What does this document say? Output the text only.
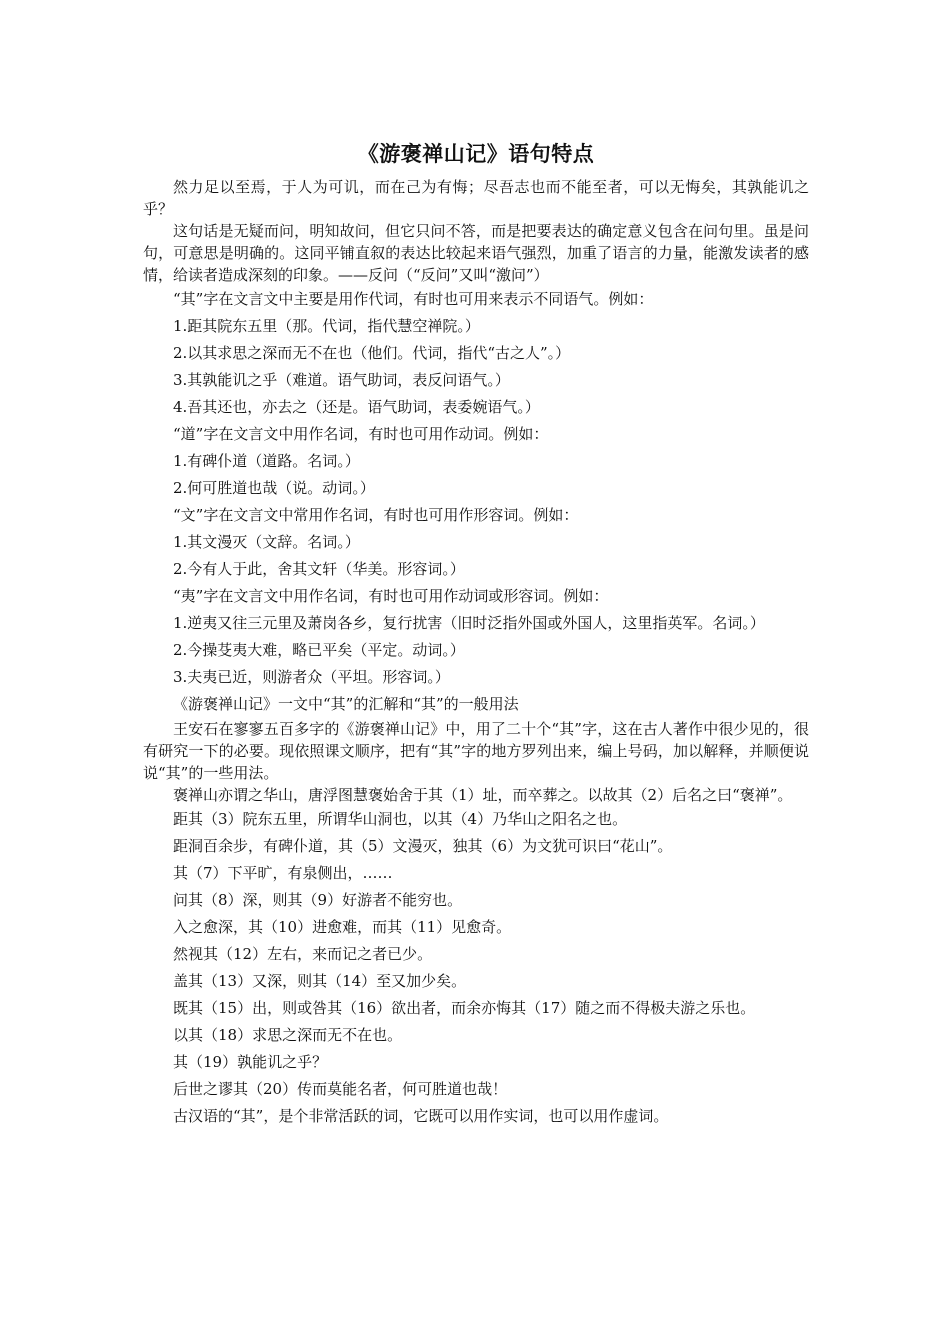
《游褒禅山记》语句特点

然力足以至焉，于人为可讥，而在己为有悔；尽吾志也而不能至者，可以无悔矣，其孰能讥之乎？

这句话是无疑而问，明知故问，但它只问不答，而是把要表达的确定意义包含在问句里。虽是问句，可意思是明确的。这同平铺直叙的表达比较起来语气强烈，加重了语言的力量，能激发读者的感情，给读者造成深刻的印象。——反问（“反问”又叫“激问”）

“其”字在文言文中主要是用作代词，有时也可用来表示不同语气。例如：

1.距其院东五里（那。代词，指代慧空禅院。）

2.以其求思之深而无不在也（他们。代词，指代“古之人”。）

3.其孰能讥之乎（难道。语气助词，表反问语气。）

4.吾其还也，亦去之（还是。语气助词，表委婉语气。）

“道”字在文言文中用作名词，有时也可用作动词。例如：

1.有碑仆道（道路。名词。）

2.何可胜道也哉（说。动词。）

“文”字在文言文中常用作名词，有时也可用作形容词。例如：

1.其文漫灭（文辞。名词。）

2.今有人于此，舍其文轩（华美。形容词。）

“夷”字在文言文中用作名词，有时也可用作动词或形容词。例如：

1.逆夷又往三元里及萧岗各乡，复行扰害（旧时泛指外国或外国人，这里指英军。名词。）

2.今操芟夷大难，略已平矣（平定。动词。）

3.夫夷已近，则游者众（平坦。形容词。）

《游褒禅山记》一文中“其”的汇解和“其”的一般用法

王安石在寥寥五百多字的《游褒禅山记》中，用了二十个“其”字，这在古人著作中很少见的，很有研究一下的必要。现依照课文顺序，把有“其”字的地方罗列出来，编上号码，加以解释，并顺便说说“其”的一些用法。

褒禅山亦谓之华山，唐浮图慧褒始舍于其（1）址，而卒葬之。以故其（2）后名之曰“褒禅”。

距其（3）院东五里，所谓华山洞也，以其（4）乃华山之阳名之也。

距洞百余步，有碑仆道，其（5）文漫灭，独其（6）为文犹可识曰“花山”。

其（7）下平旷，有泉侧出，……

问其（8）深，则其（9）好游者不能穷也。

入之愈深，其（10）进愈难，而其（11）见愈奇。

然视其（12）左右，来而记之者已少。

盖其（13）又深，则其（14）至又加少矣。

既其（15）出，则或咎其（16）欲出者，而余亦悔其（17）随之而不得极夫游之乐也。

以其（18）求思之深而无不在也。

其（19）孰能讥之乎？

后世之谬其（20）传而莫能名者，何可胜道也哉！

古汉语的“其”，是个非常活跃的词，它既可以用作实词，也可以用作虚词。
